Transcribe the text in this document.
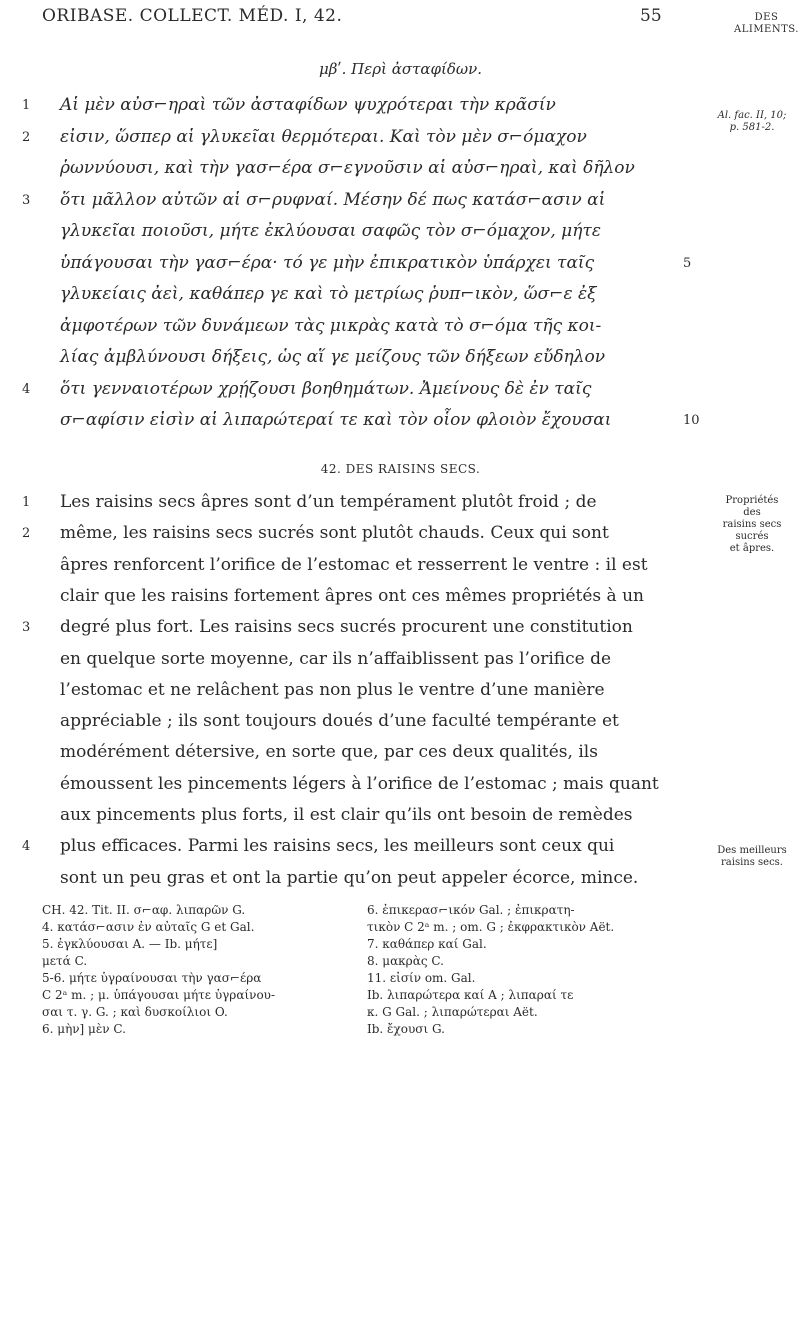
ORIBASE. COLLECT. MÉD. I, 42.	55	DES
ALIMENTS.
μβʹ. Περὶ ἀσταφίδων.
1 Αἱ μὲν αὐσ⌐ηραὶ τῶν ἀσταφίδων ψυχρότεραι τὴν κρᾶσίν
2 εἰσιν, ὥσπερ αἱ γλυκεῖαι θερμότεραι. Καὶ τὸν μὲν σ⌐όμαχον
ῥωννύουσι, καὶ τὴν γασ⌐έρα σ⌐εγνοῦσιν αἱ αὐσ⌐ηραὶ, καὶ δῆλον
3 ὅτι μᾶλλον αὐτῶν αἱ σ⌐ρυφναί. Μέσην δέ πως κατάσ⌐ασιν αἱ
γλυκεῖαι ποιοῦσι, μήτε ἐκλύουσαι σαφῶς τὸν σ⌐όμαχον, μήτε
ὑπάγουσαι τὴν γασ⌐έρα· τό γε μὴν ἐπικρατικὸν ὑπάρχει ταῖς
γλυκείαις ἀεὶ, καθάπερ γε καὶ τὸ μετρίως ῥυπ⌐ικὸν, ὥσ⌐ε ἐξ
ἀμφοτέρων τῶν δυνάμεων τὰς μικρὰς κατὰ τὸ σ⌐όμα τῆς κοι-
λίας ἀμβλύνουσι δήξεις, ὡς αἵ γε μείζους τῶν δήξεων εὔδηλον
4 ὅτι γενναιοτέρων χρῄζουσι βοηθημάτων. Ἀμείνους δὲ ἐν ταῖς
σ⌐αφίσιν εἰσὶν αἱ λιπαρώτεραί τε καὶ τὸν οἷον φλοιὸν ἔχουσαι
5
10
Al. fac. II, 10;
p. 581-2.
42. DES RAISINS SECS.
1 Les raisins secs âpres sont d’un tempérament plutôt froid ; de
2 même, les raisins secs sucrés sont plutôt chauds. Ceux qui sont
âpres renforcent l’orifice de l’estomac et resserrent le ventre : il est
clair que les raisins fortement âpres ont ces mêmes propriétés à un
3 degré plus fort. Les raisins secs sucrés procurent une constitution
en quelque sorte moyenne, car ils n’affaiblissent pas l’orifice de
l’estomac et ne relâchent pas non plus le ventre d’une manière
appréciable ; ils sont toujours doués d’une faculté tempérante et
modérément détersive, en sorte que, par ces deux qualités, ils
émoussent les pincements légers à l’orifice de l’estomac ; mais quant
aux pincements plus forts, il est clair qu’ils ont besoin de remèdes
4 plus efficaces. Parmi les raisins secs, les meilleurs sont ceux qui
sont un peu gras et ont la partie qu’on peut appeler écorce, mince.
Propriétés
des
raisins secs
sucrés
et âpres.
Des meilleurs
raisins secs.
CH. 42. Tit. II. σ⌐αφ. λιπαρῶν G.
4. κατάσ⌐ασιν ἐν αὐταῖς G et Gal.
5. ἐγκλύουσαι A. — Ib. μήτε]
μετά C.
5-6. μήτε ὑγραίνουσαι τὴν γασ⌐έρα
C 2ᵃ m. ; μ. ὑπάγουσαι μήτε ὑγραίνου-
σαι τ. γ. G. ; καὶ δυσκοίλιοι O.
6. μὴν] μὲν C.
6. ἐπικερασ⌐ικόν Gal. ; ἐπικρατη-
τικὸν C 2ᵃ m. ; om. G ; ἐκφρακτικὸν Aët.
7. καθάπερ καί Gal.
8. μακρὰς C.
11. εἰσίν om. Gal.
Ib. λιπαρώτερα καί A ; λιπαραί τε
κ. G Gal. ; λιπαρώτεραι Aët.
Ib. ἔχουσι G.
